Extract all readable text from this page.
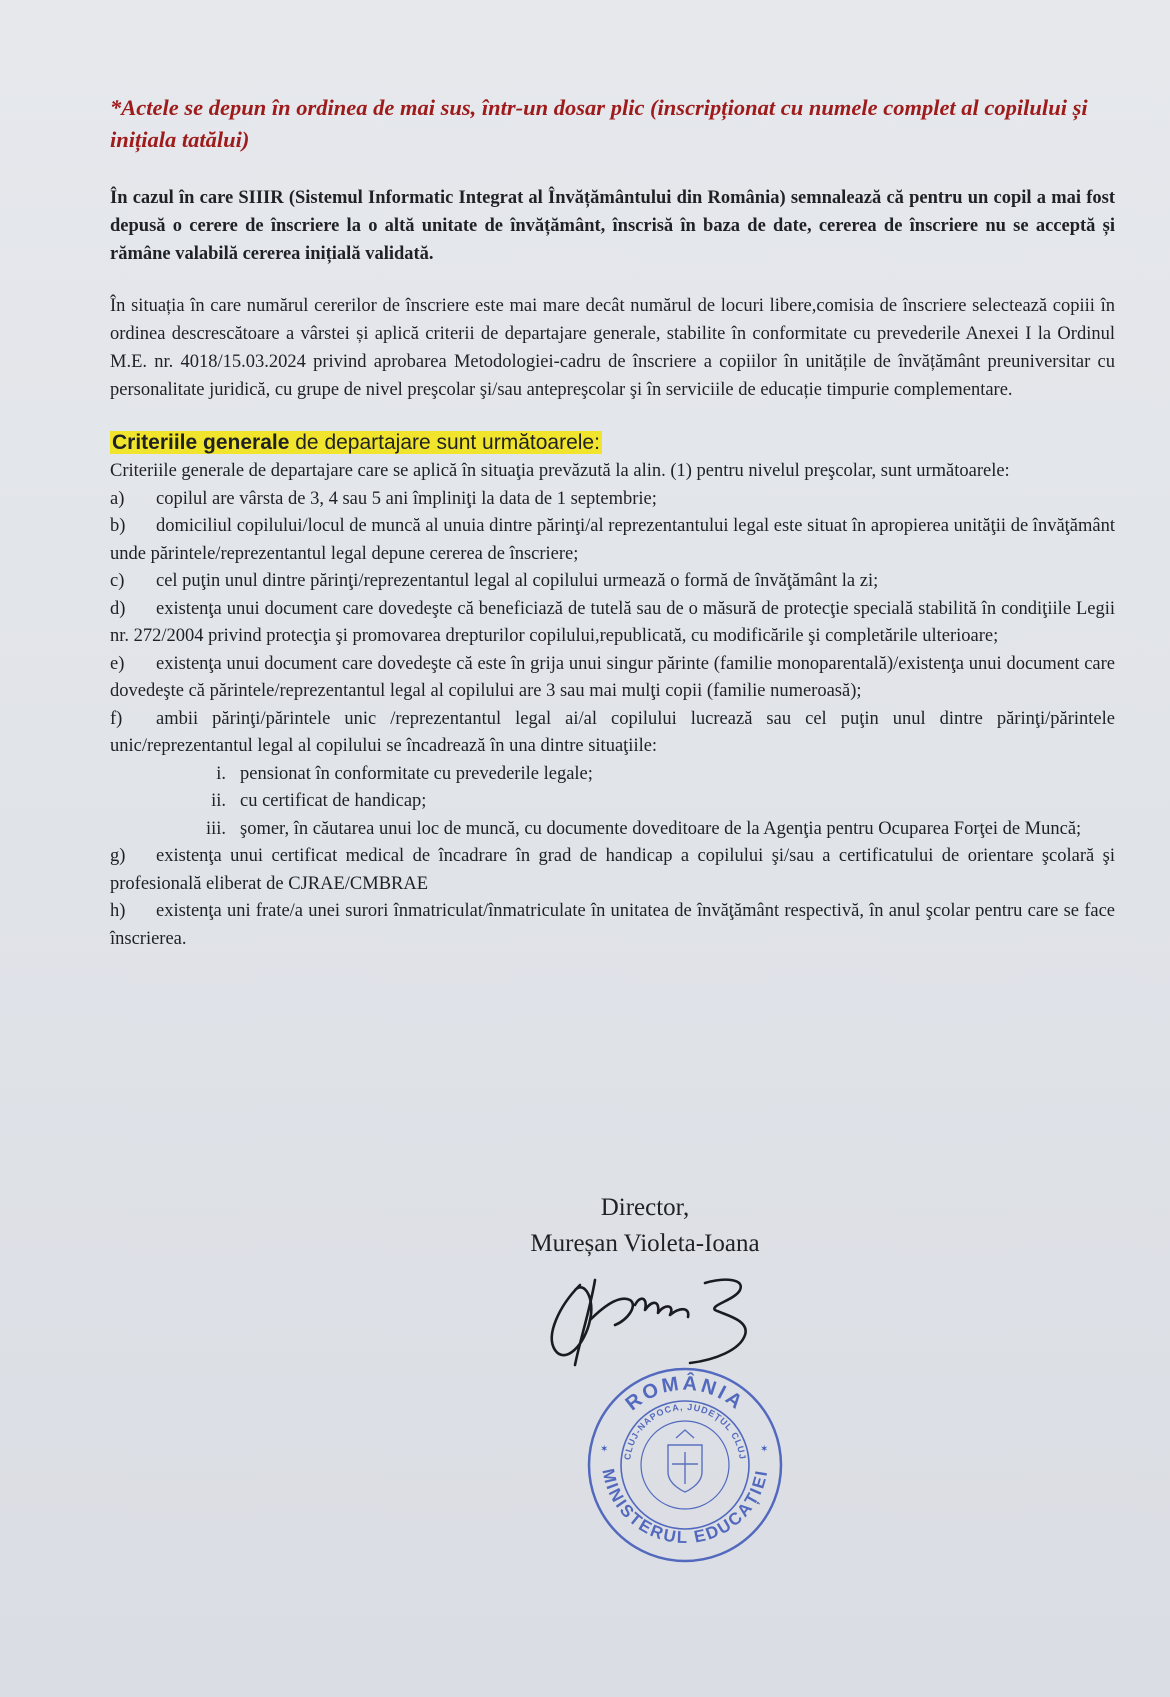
*Actele se depun în ordinea de mai sus, într-un dosar plic (inscripționat cu numele complet al copilului și inițiala tatălui)

În cazul în care SIIIR (Sistemul Informatic Integrat al Învățământului din România) semnalează că pentru un copil a mai fost depusă o cerere de înscriere la o altă unitate de învățământ, înscrisă în baza de date, cererea de înscriere nu se acceptă și rămâne valabilă cererea inițială validată.

În situația în care numărul cererilor de înscriere este mai mare decât numărul de locuri libere,comisia de înscriere selectează copiii în ordinea descrescătoare a vârstei și aplică criterii de departajare generale, stabilite în conformitate cu prevederile Anexei I la Ordinul M.E. nr. 4018/15.03.2024 privind aprobarea Metodologiei-cadru de înscriere a copiilor în unitățile de învățământ preuniversitar cu personalitate juridică, cu grupe de nivel preşcolar şi/sau antepreşcolar şi în serviciile de educație timpurie complementare.

Criteriile generale de departajare sunt următoarele:

Criteriile generale de departajare care se aplică în situaţia prevăzută la alin. (1) pentru nivelul preşcolar, sunt următoarele:

a) copilul are vârsta de 3, 4 sau 5 ani împliniţi la data de 1 septembrie;

b) domiciliul copilului/locul de muncă al unuia dintre părinţi/al reprezentantului legal este situat în apropierea unităţii de învăţământ unde părintele/reprezentantul legal depune cererea de înscriere;

c) cel puţin unul dintre părinţi/reprezentantul legal al copilului urmează o formă de învăţământ la zi;

d) existenţa unui document care dovedeşte că beneficiază de tutelă sau de o măsură de protecţie specială stabilită în condiţiile Legii nr. 272/2004 privind protecţia şi promovarea drepturilor copilului,republicată, cu modificările şi completările ulterioare;

e) existenţa unui document care dovedeşte că este în grija unui singur părinte (familie monoparentală)/existenţa unui document care dovedeşte că părintele/reprezentantul legal al copilului are 3 sau mai mulţi copii (familie numeroasă);

f) ambii părinţi/părintele unic /reprezentantul legal ai/al copilului lucrează sau cel puţin unul dintre părinţi/părintele unic/reprezentantul legal al copilului se încadrează în una dintre situaţiile:

i. pensionat în conformitate cu prevederile legale;

ii. cu certificat de handicap;

iii. şomer, în căutarea unui loc de muncă, cu documente doveditoare de la Agenţia pentru Ocuparea Forţei de Muncă;

g) existenţa unui certificat medical de încadrare în grad de handicap a copilului şi/sau a certificatului de orientare şcolară şi profesională eliberat de CJRAE/CMBRAE

h) existenţa uni frate/a unei surori înmatriculat/înmatriculate în unitatea de învăţământ respectivă, în anul şcolar pentru care se face înscrierea.

Director,

Mureșan Violeta-Ioana

ROMÂNIA
MINISTERUL EDUCAȚIEI
CLUJ-NAPOCA, JUDEȚUL CLUJ
✶	✶
